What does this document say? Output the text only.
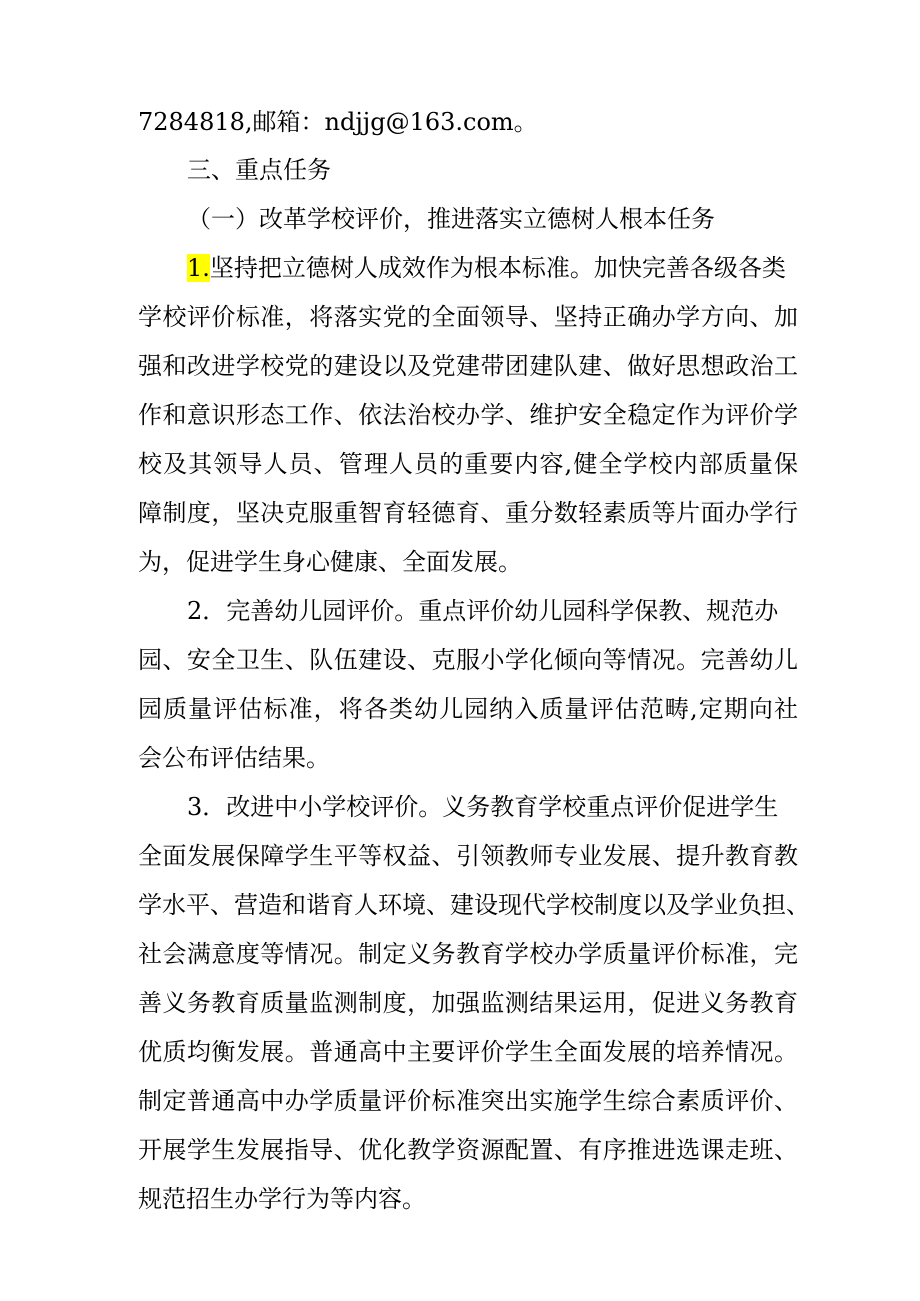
7284818,邮箱：ndjjg@163.com。
三、重点任务
（一）改革学校评价，推进落实立德树人根本任务
1.坚持把立德树人成效作为根本标准。加快完善各级各类
学校评价标准，将落实党的全面领导、坚持正确办学方向、加
强和改进学校党的建设以及党建带团建队建、做好思想政治工
作和意识形态工作、依法治校办学、维护安全稳定作为评价学
校及其领导人员、管理人员的重要内容,健全学校内部质量保
障制度，坚决克服重智育轻德育、重分数轻素质等片面办学行
为，促进学生身心健康、全面发展。
2．完善幼儿园评价。重点评价幼儿园科学保教、规范办
园、安全卫生、队伍建设、克服小学化倾向等情况。完善幼儿
园质量评估标准，将各类幼儿园纳入质量评估范畴,定期向社
会公布评估结果。
3．改进中小学校评价。义务教育学校重点评价促进学生
全面发展保障学生平等权益、引领教师专业发展、提升教育教
学水平、营造和谐育人环境、建设现代学校制度以及学业负担、
社会满意度等情况。制定义务教育学校办学质量评价标准，完
善义务教育质量监测制度，加强监测结果运用，促进义务教育
优质均衡发展。普通高中主要评价学生全面发展的培养情况。
制定普通高中办学质量评价标准突出实施学生综合素质评价、
开展学生发展指导、优化教学资源配置、有序推进选课走班、
规范招生办学行为等内容。
